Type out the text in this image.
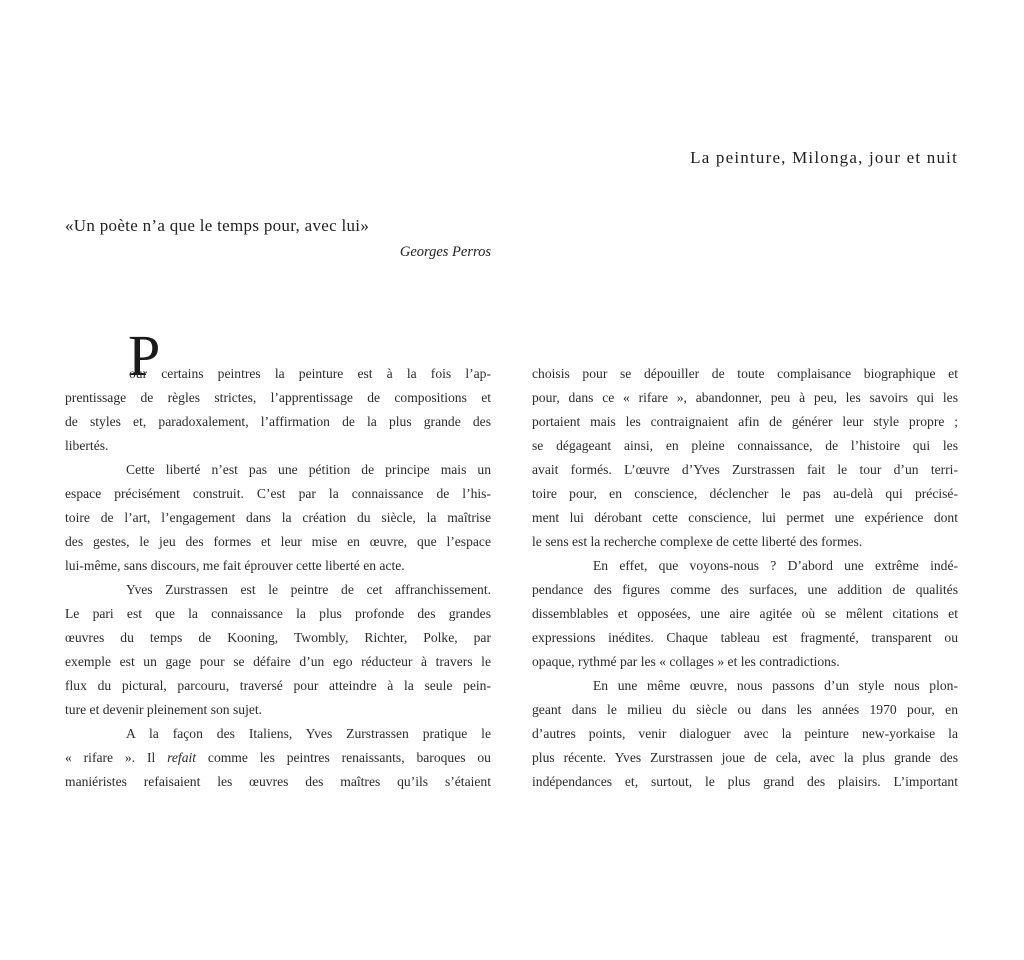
La peinture, Milonga, jour et nuit
«Un poète n’a que le temps pour, avec lui»
Georges Perros
P
our certains peintres la peinture est à la fois l’ap-
prentissage de règles strictes, l’apprentissage de compositions et
de styles et, paradoxalement, l’affirmation de la plus grande des
libertés.
Cette liberté n’est pas une pétition de principe mais un
espace précisément construit. C’est par la connaissance de l’his-
toire de l’art, l’engagement dans la création du siècle, la maîtrise
des gestes, le jeu des formes et leur mise en œuvre, que l’espace
lui-même, sans discours, me fait éprouver cette liberté en acte.
Yves Zurstrassen est le peintre de cet affranchissement.
Le pari est que la connaissance la plus profonde des grandes
œuvres du temps de Kooning, Twombly, Richter, Polke, par
exemple est un gage pour se défaire d’un ego réducteur à travers le
flux du pictural, parcouru, traversé pour atteindre à la seule pein-
ture et devenir pleinement son sujet.
A la façon des Italiens, Yves Zurstrassen pratique le
« rifare ». Il refait comme les peintres renaissants, baroques ou
maniéristes refaisaient les œuvres des maîtres qu’ils s’étaient
choisis pour se dépouiller de toute complaisance biographique et
pour, dans ce « rifare », abandonner, peu à peu, les savoirs qui les
portaient mais les contraignaient afin de générer leur style propre ;
se dégageant ainsi, en pleine connaissance, de l’histoire qui les
avait formés. L’œuvre d’Yves Zurstrassen fait le tour d’un terri-
toire pour, en conscience, déclencher le pas au-delà qui précisé-
ment lui dérobant cette conscience, lui permet une expérience dont
le sens est la recherche complexe de cette liberté des formes.
En effet, que voyons-nous ? D’abord une extrême indé-
pendance des figures comme des surfaces, une addition de qualités
dissemblables et opposées, une aire agitée où se mêlent citations et
expressions inédites. Chaque tableau est fragmenté, transparent ou
opaque, rythmé par les « collages » et les contradictions.
En une même œuvre, nous passons d’un style nous plon-
geant dans le milieu du siècle ou dans les années 1970 pour, en
d’autres points, venir dialoguer avec la peinture new-yorkaise la
plus récente. Yves Zurstrassen joue de cela, avec la plus grande des
indépendances et, surtout, le plus grand des plaisirs. L’important
